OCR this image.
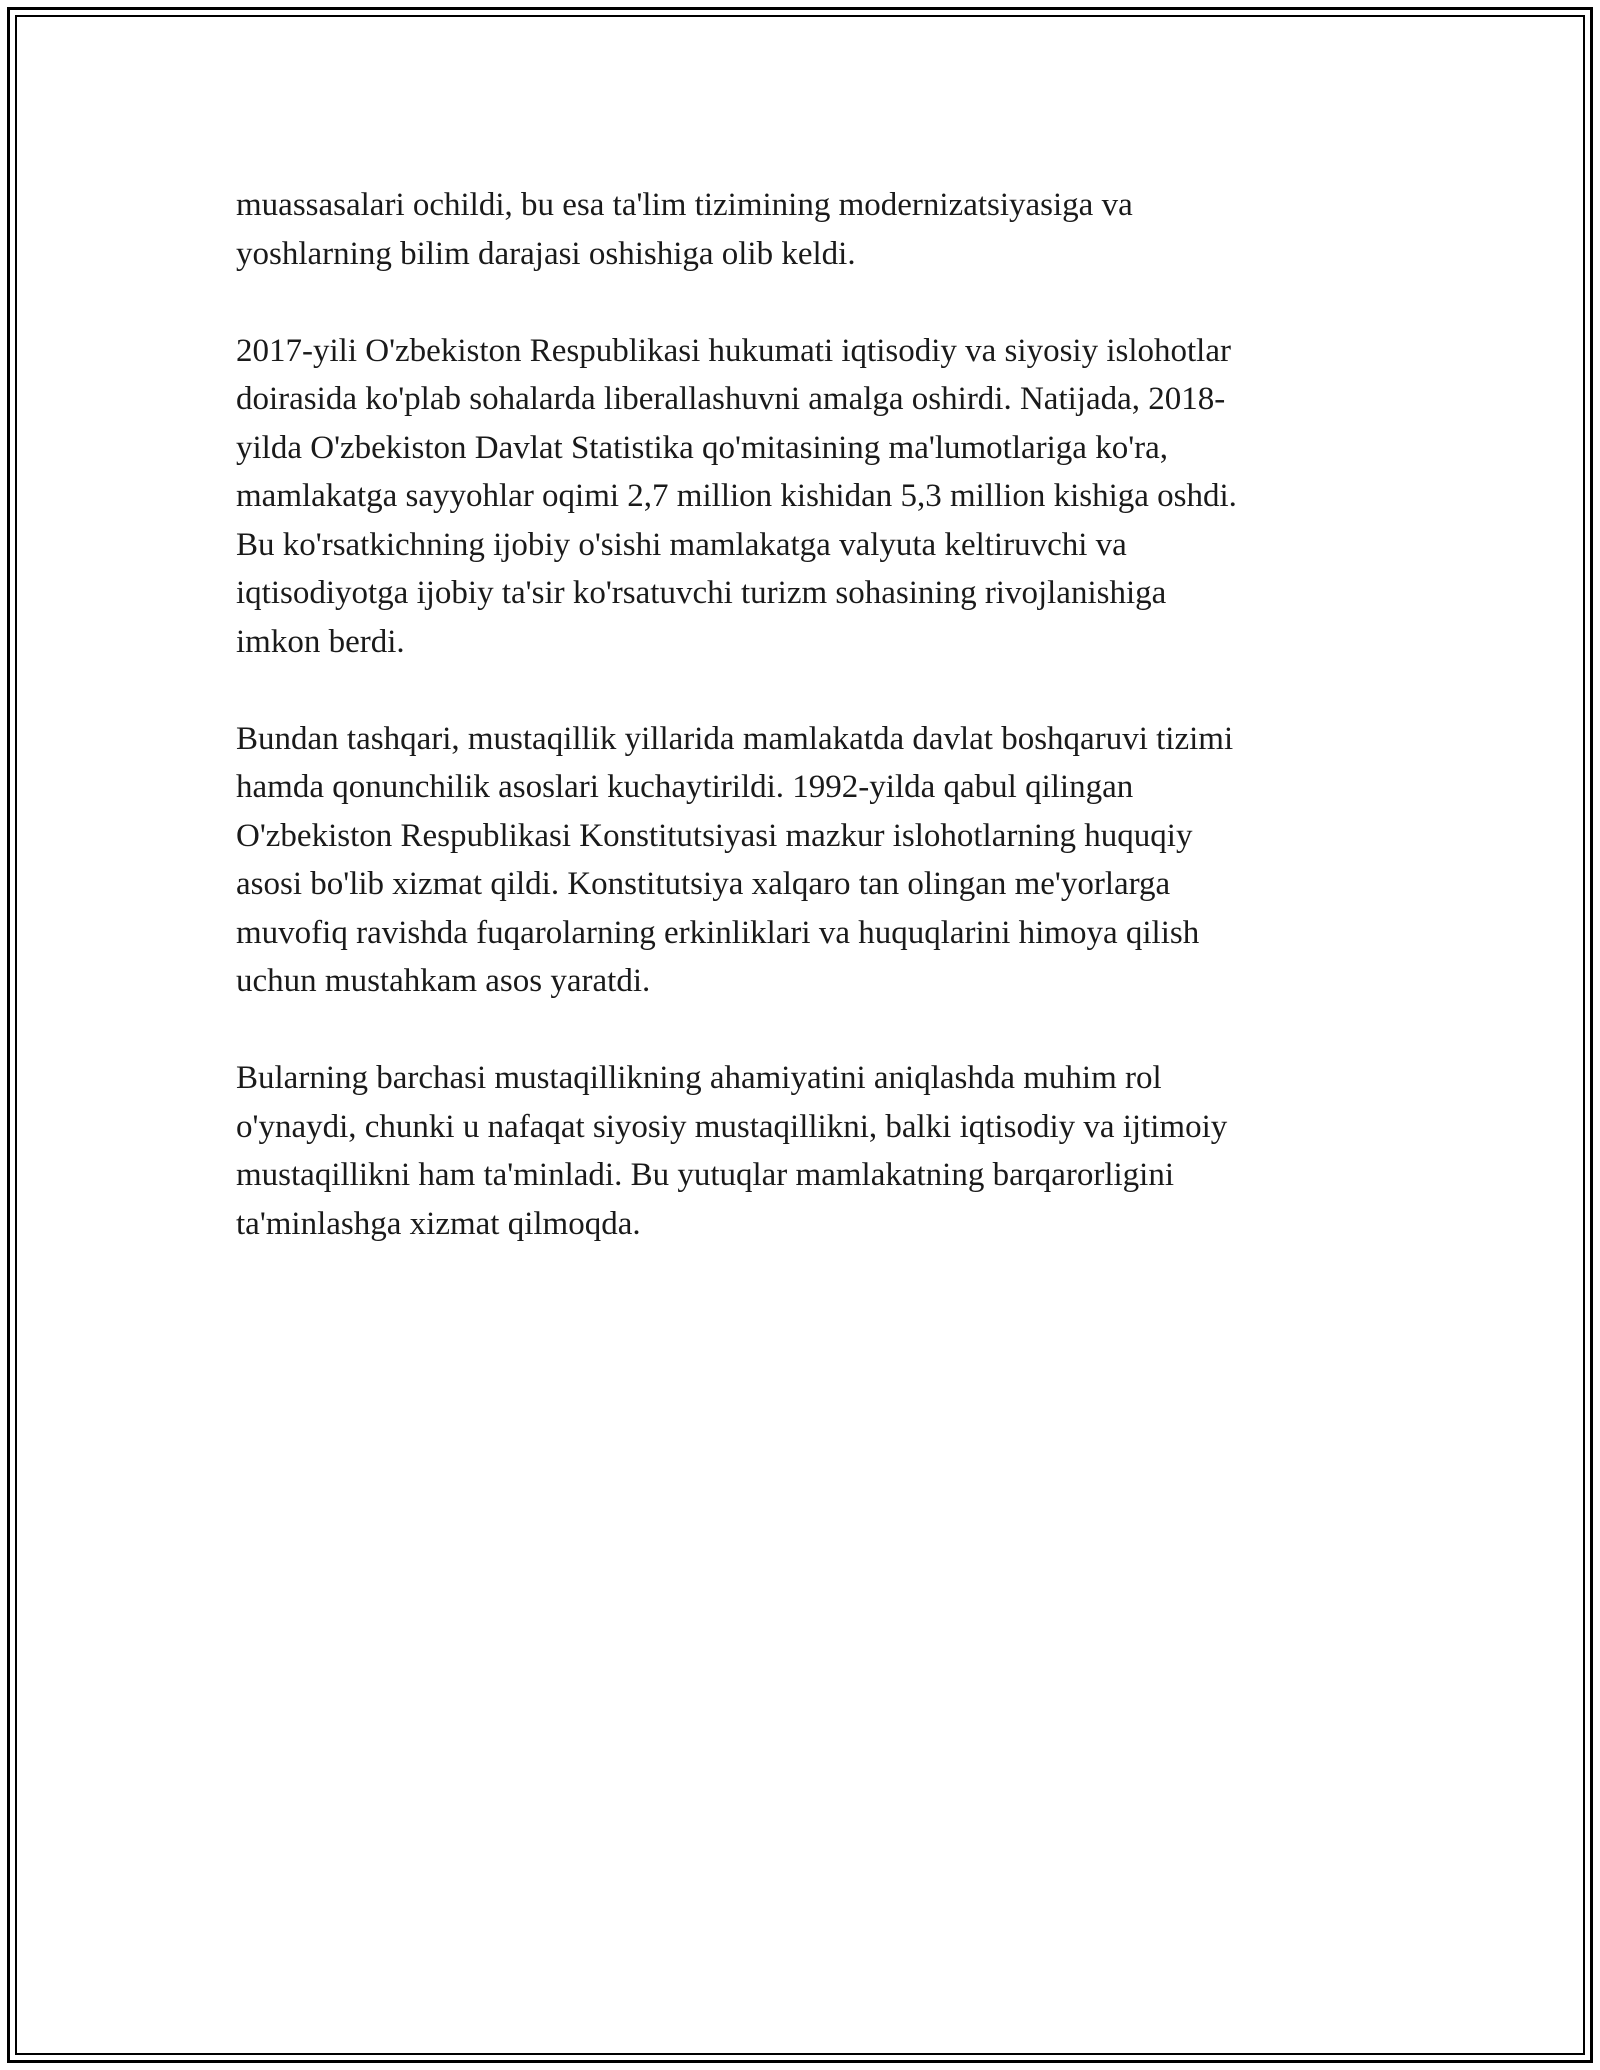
muassasalari ochildi, bu esa ta'lim tizimining modernizatsiyasiga va
yoshlarning bilim darajasi oshishiga olib keldi.

2017-yili O'zbekiston Respublikasi hukumati iqtisodiy va siyosiy islohotlar
doirasida ko'plab sohalarda liberallashuvni amalga oshirdi. Natijada, 2018-
yilda O'zbekiston Davlat Statistika qo'mitasining ma'lumotlariga ko'ra,
mamlakatga sayyohlar oqimi 2,7 million kishidan 5,3 million kishiga oshdi.
Bu ko'rsatkichning ijobiy o'sishi mamlakatga valyuta keltiruvchi va
iqtisodiyotga ijobiy ta'sir ko'rsatuvchi turizm sohasining rivojlanishiga
imkon berdi.

Bundan tashqari, mustaqillik yillarida mamlakatda davlat boshqaruvi tizimi
hamda qonunchilik asoslari kuchaytirildi. 1992-yilda qabul qilingan
O'zbekiston Respublikasi Konstitutsiyasi mazkur islohotlarning huquqiy
asosi bo'lib xizmat qildi. Konstitutsiya xalqaro tan olingan me'yorlarga
muvofiq ravishda fuqarolarning erkinliklari va huquqlarini himoya qilish
uchun mustahkam asos yaratdi.

Bularning barchasi mustaqillikning ahamiyatini aniqlashda muhim rol
o'ynaydi, chunki u nafaqat siyosiy mustaqillikni, balki iqtisodiy va ijtimoiy
mustaqillikni ham ta'minladi. Bu yutuqlar mamlakatning barqarorligini
ta'minlashga xizmat qilmoqda.
